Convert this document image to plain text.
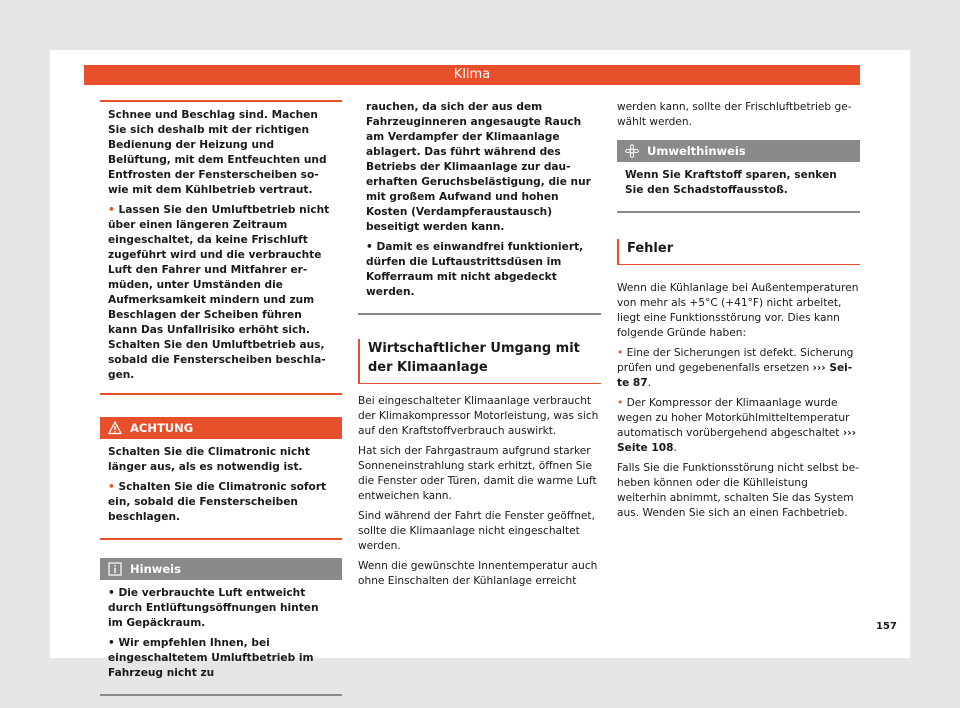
Klima

Schnee und Beschlag sind. Machen Sie sich deshalb mit der richtigen Bedienung der Heizung und Belüftung, mit dem Entfeuchten und Entfrosten der Fensterscheiben sowie mit dem Kühlbetrieb vertraut.

• Lassen Sie den Umluftbetrieb nicht über einen längeren Zeitraum eingeschaltet, da keine Frischluft zugeführt wird und die verbrauchte Luft den Fahrer und Mitfahrer ermüden, unter Umständen die Aufmerksamkeit mindern und zum Beschlagen der Scheiben führen kann Das Unfallrisiko erhöht sich. Schalten Sie den Umluftbetrieb aus, sobald die Fensterscheiben beschlagen.

ACHTUNG

Schalten Sie die Climatronic nicht länger aus, als es notwendig ist.

• Schalten Sie die Climatronic sofort ein, sobald die Fensterscheiben beschlagen.

Hinweis

• Die verbrauchte Luft entweicht durch Entlüftungsöffnungen hinten im Gepäckraum.

• Wir empfehlen Ihnen, bei eingeschaltetem Umluftbetrieb im Fahrzeug nicht zu

rauchen, da sich der aus dem Fahrzeuginneren angesaugte Rauch am Verdampfer der Klimaanlage ablagert. Das führt während des Betriebs der Klimaanlage zur dauerhaften Geruchsbelästigung, die nur mit großem Aufwand und hohen Kosten (Verdampferaustausch) beseitigt werden kann.

• Damit es einwandfrei funktioniert, dürfen die Luftaustrittsdüsen im Kofferraum mit nicht abgedeckt werden.

Wirtschaftlicher Umgang mit der Klimaanlage

Bei eingeschalteter Klimaanlage verbraucht der Klimakompressor Motorleistung, was sich auf den Kraftstoffverbrauch auswirkt.

Hat sich der Fahrgastraum aufgrund starker Sonneneinstrahlung stark erhitzt, öffnen Sie die Fenster oder Türen, damit die warme Luft entweichen kann.

Sind während der Fahrt die Fenster geöffnet, sollte die Klimaanlage nicht eingeschaltet werden.

Wenn die gewünschte Innentemperatur auch ohne Einschalten der Kühlanlage erreicht

werden kann, sollte der Frischluftbetrieb gewählt werden.

Umwelthinweis

Wenn Sie Kraftstoff sparen, senken Sie den Schadstoffausstoß.

Fehler

Wenn die Kühlanlage bei Außentemperaturen von mehr als +5°C (+41°F) nicht arbeitet, liegt eine Funktionsstörung vor. Dies kann folgende Gründe haben:

• Eine der Sicherungen ist defekt. Sicherung prüfen und gegebenenfalls ersetzen ››› Seite 87.

• Der Kompressor der Klimaanlage wurde wegen zu hoher Motorkühlmitteltemperatur automatisch vorübergehend abgeschaltet ››› Seite 108.

Falls Sie die Funktionsstörung nicht selbst beheben können oder die Kühlleistung weiterhin abnimmt, schalten Sie das System aus. Wenden Sie sich an einen Fachbetrieb.

157
